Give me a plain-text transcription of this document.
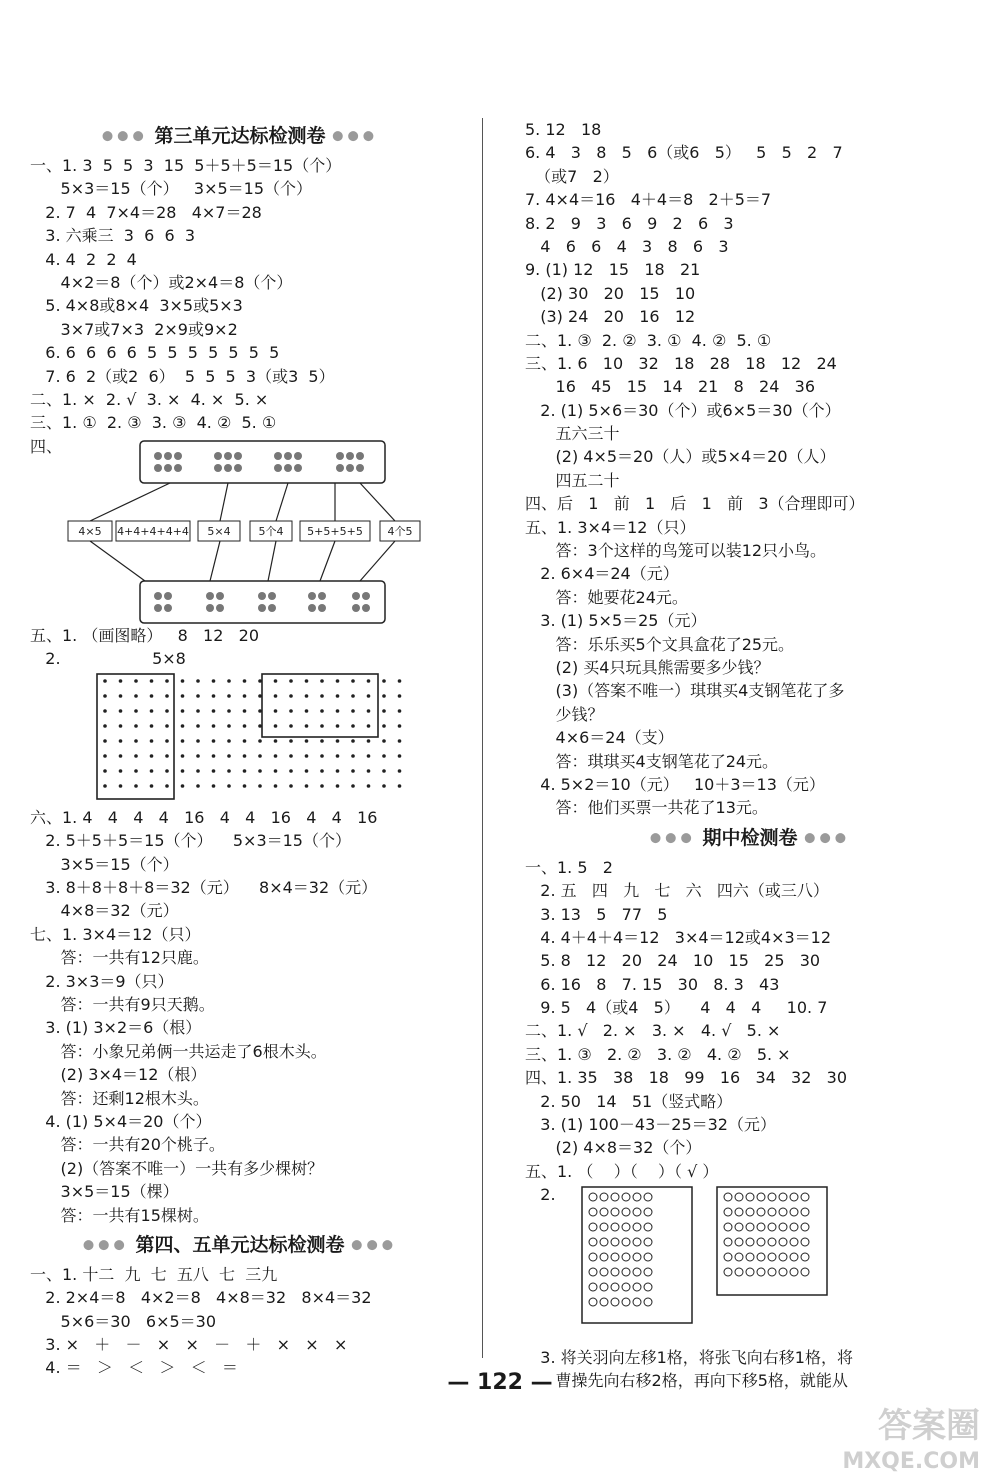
●●● 第三单元达标检测卷 ●●●
一、1. 3  5  5  3  15  5＋5＋5＝15（个）
5×3＝15（个）   3×5＝15（个）
2. 7  4  7×4＝28   4×7＝28
3. 六乘三  3  6  6  3
4. 4  2  2  4
4×2＝8（个）或2×4＝8（个）
5. 4×8或8×4  3×5或5×3
3×7或7×3  2×9或9×2
6. 6  6  6  6  5  5  5  5  5  5  5
7. 6  2（或2  6）  5  5  5  3（或3  5）
二、1. ×  2. √  3. ×  4. ×  5. ×
三、1. ①  2. ③  3. ③  4. ②  5. ①
四、
4×5 4+4+4+4+4 5×4	5个4 5+5+5+5 4个5
五、1. （画图略）   8   12   20
2.                  5×8
六、1. 4   4   4   4   16   4   4   16   4   4   16
2. 5＋5＋5＝15（个）    5×3＝15（个）
3×5＝15（个）
3. 8＋8＋8＋8＝32（元）    8×4＝32（元）
4×8＝32（元）
七、1. 3×4＝12（只）
答：一共有12只鹿。
2. 3×3＝9（只）
答：一共有9只天鹅。
3. (1) 3×2＝6（根）
答：小象兄弟俩一共运走了6根木头。
(2) 3×4＝12（根）
答：还剩12根木头。
4. (1) 5×4＝20（个）
答：一共有20个桃子。
(2)（答案不唯一）一共有多少棵树？
3×5＝15（棵）
答：一共有15棵树。
●●● 第四、五单元达标检测卷 ●●●
一、1. 十二  九  七  五八  七  三九
2. 2×4＝8   4×2＝8   4×8＝32   8×4＝32
5×6＝30   6×5＝30
3. ×   ＋   －   ×   ×   －   ＋   ×   ×   ×
4. ＝   ＞   ＜   ＞   ＜   ＝
5. 12   18
6. 4   3   8   5   6（或6   5）   5   5   2   7
（或7   2）
7. 4×4＝16   4＋4＝8   2＋5＝7
8. 2   9   3   6   9   2   6   3
4   6   6   4   3   8   6   3
9. (1) 12   15   18   21
(2) 30   20   15   10
(3) 24   20   16   12
二、1. ③  2. ②  3. ①  4. ②  5. ①
三、1. 6   10   32   18   28   18   12   24
16   45   15   14   21   8   24   36
2. (1) 5×6＝30（个）或6×5＝30（个）
五六三十
(2) 4×5＝20（人）或5×4＝20（人）
四五二十
四、后   1   前   1   后   1   前   3（合理即可）
五、1. 3×4＝12（只）
答：3个这样的鸟笼可以装12只小鸟。
2. 6×4＝24（元）
答：她要花24元。
3. (1) 5×5＝25（元）
答：乐乐买5个文具盒花了25元。
(2) 买4只玩具熊需要多少钱？
(3)（答案不唯一）琪琪买4支钢笔花了多
少钱？
4×6＝24（支）
答：琪琪买4支钢笔花了24元。
4. 5×2＝10（元）   10＋3＝13（元）
答：他们买票一共花了13元。
●●● 期中检测卷 ●●●
一、1. 5   2
2. 五   四   九   七   六   四六（或三八）
3. 13   5   77   5
4. 4＋4＋4＝12   3×4＝12或4×3＝12
5. 8   12   20   24   10   15   25   30
6. 16   8   7. 15   30   8. 3   43
9. 5   4（或4   5）    4   4   4     10. 7
二、1. √   2. ×   3. ×   4. √   5. ×
三、1. ③   2. ②   3. ②   4. ②   5. ×
四、1. 35   38   18   99   16   34   32   30
2. 50   14   51（竖式略）
3. (1) 100－43－25＝32（元）
(2) 4×8＝32（个）
五、1. （    ）（    ）（ √ ）
2.
3. 将关羽向左移1格，将张飞向右移1格，将
曹操先向右移2格，再向下移5格，就能从
— 122 —
答案圈
MXQE.COM
